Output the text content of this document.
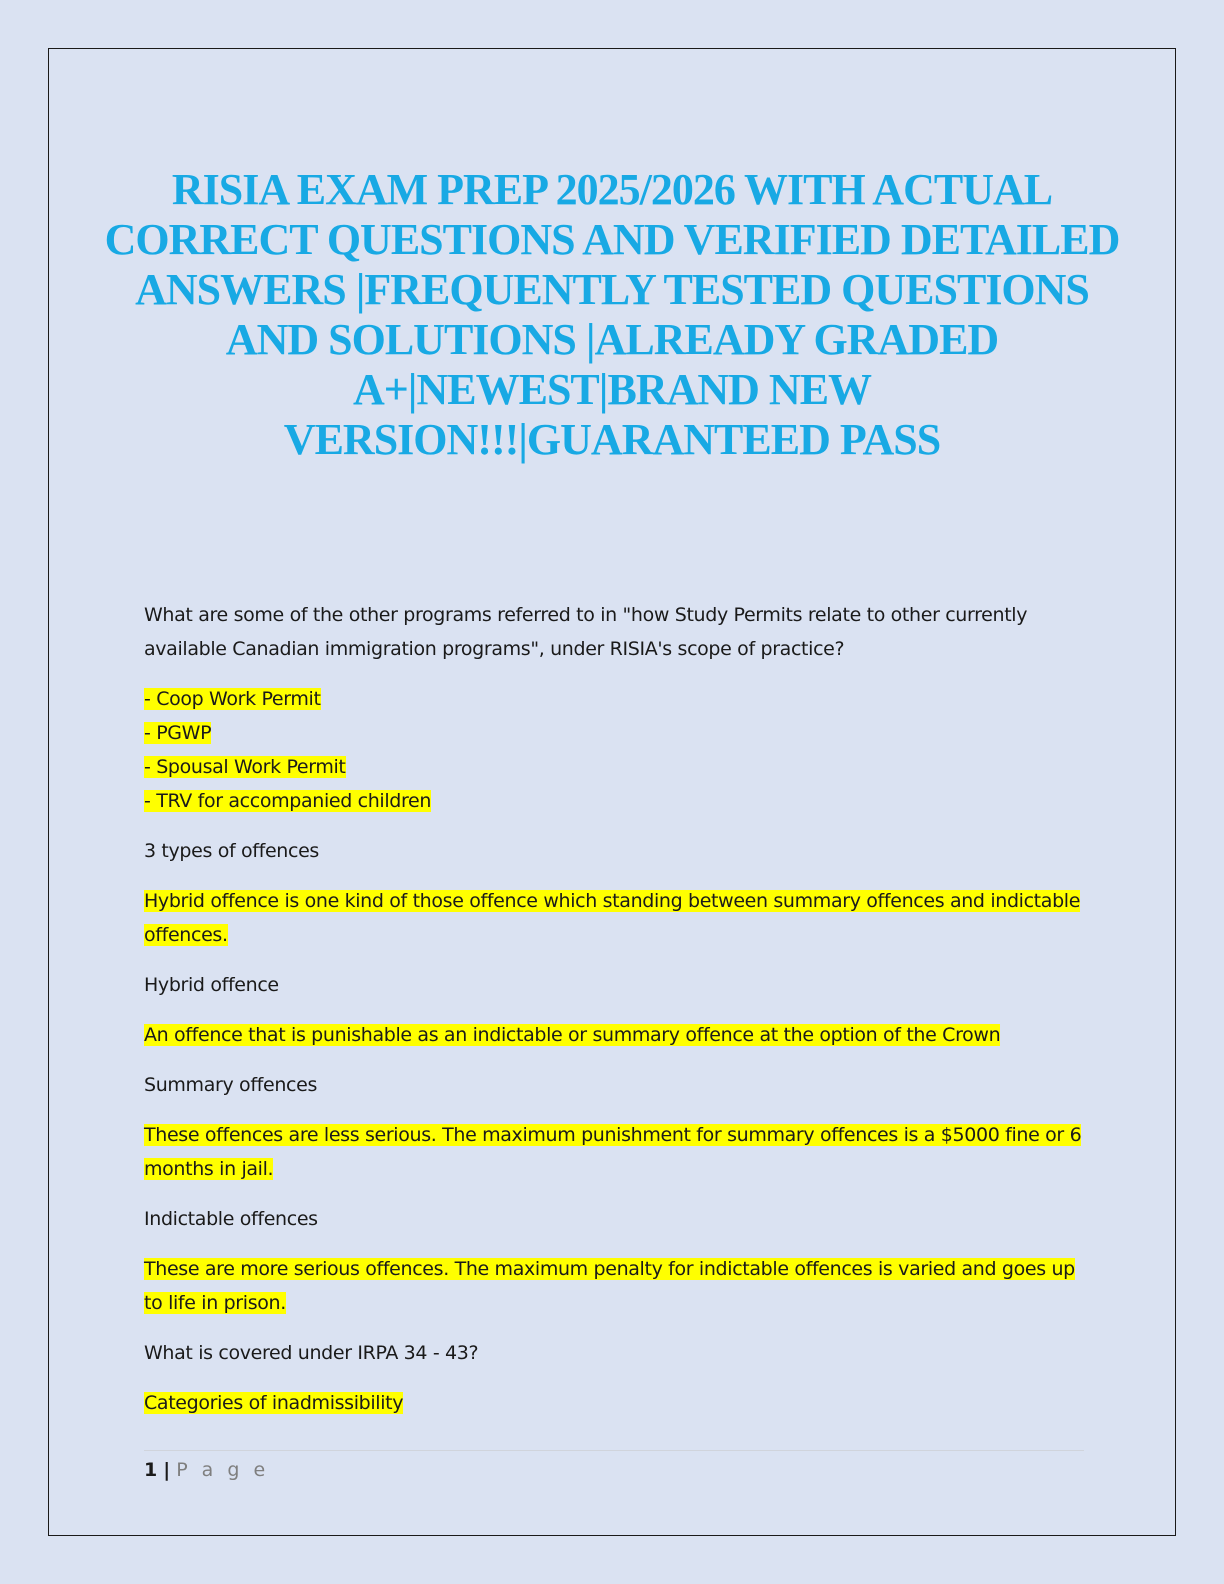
RISIA EXAM PREP 2025/2026 WITH ACTUAL CORRECT QUESTIONS AND VERIFIED DETAILED ANSWERS |FREQUENTLY TESTED QUESTIONS AND SOLUTIONS |ALREADY GRADED A+|NEWEST|BRAND NEW VERSION!!!|GUARANTEED PASS

What are some of the other programs referred to in "how Study Permits relate to other currently available Canadian immigration programs", under RISIA's scope of practice?

- Coop Work Permit
- PGWP
- Spousal Work Permit
- TRV for accompanied children

3 types of offences

Hybrid offence is one kind of those offence which standing between summary offences and indictable offences.

Hybrid offence

An offence that is punishable as an indictable or summary offence at the option of the Crown

Summary offences

These offences are less serious. The maximum punishment for summary offences is a $5000 fine or 6 months in jail.

Indictable offences

These are more serious offences. The maximum penalty for indictable offences is varied and goes up to life in prison.

What is covered under IRPA 34 - 43?

Categories of inadmissibility

1 | P a g e
